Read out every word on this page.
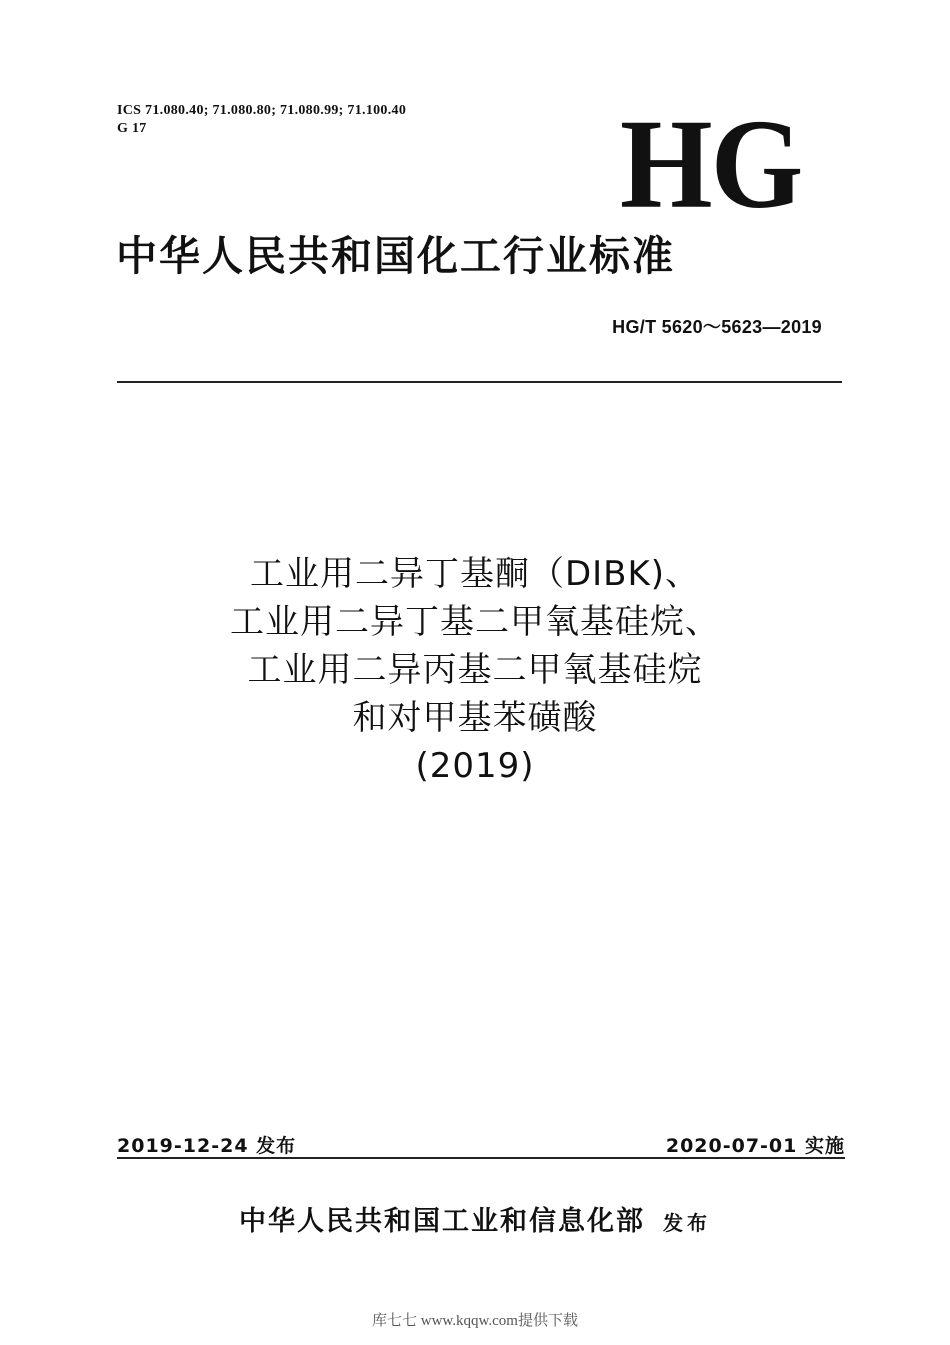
ICS 71.080.40; 71.080.80; 71.080.99; 71.100.40
G 17	HG
中华人民共和国化工行业标准
HG/T 5620～5623—2019
工业用二异丁基酮（DIBK)、
工业用二异丁基二甲氧基硅烷、
工业用二异丙基二甲氧基硅烷
和对甲基苯磺酸
(2019)
2019-12-24 发布	2020-07-01 实施
中华人民共和国工业和信息化部 发布
库七七 www.kqqw.com提供下载
